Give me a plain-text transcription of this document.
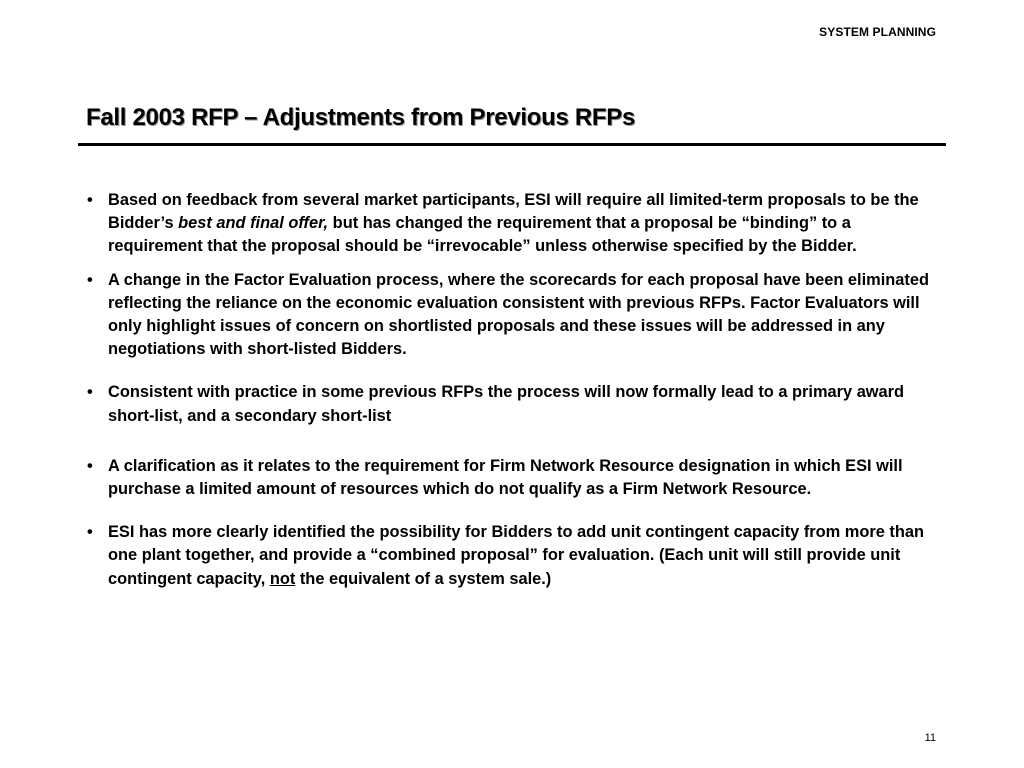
SYSTEM PLANNING
Fall 2003 RFP – Adjustments from Previous RFPs
• Based on feedback from several market participants, ESI will require all limited-term proposals to be the Bidder’s best and final offer, but has changed the requirement that a proposal be “binding” to a requirement that the proposal should be “irrevocable” unless otherwise specified by the Bidder.
• A change in the Factor Evaluation process, where the scorecards for each proposal have been eliminated reflecting the reliance on the economic evaluation consistent with previous RFPs. Factor Evaluators will only highlight issues of concern on shortlisted proposals and these issues will be addressed in any negotiations with short-listed Bidders.
• Consistent with practice in some previous RFPs the process will now formally lead to a primary award short-list, and a secondary short-list
• A clarification as it relates to the requirement for Firm Network Resource designation in which ESI will purchase a limited amount of resources which do not qualify as a Firm Network Resource.
• ESI has more clearly identified the possibility for Bidders to add unit contingent capacity from more than one plant together, and provide a “combined proposal” for evaluation. (Each unit will still provide unit contingent capacity, not the equivalent of a system sale.)
11
